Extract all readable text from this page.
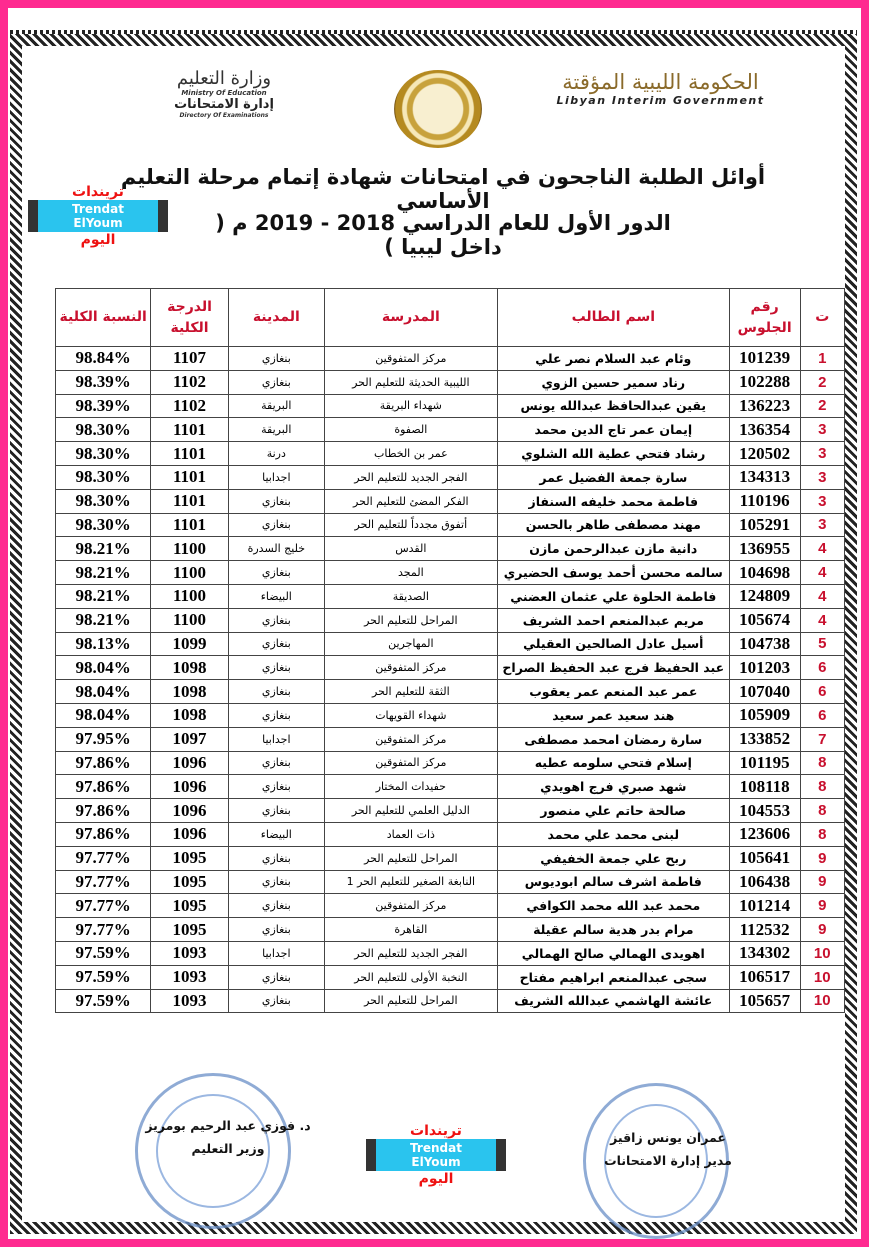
وزارة التعليم
Ministry Of Education
إدارة الامتحانات
Directory Of Examinations
الحكومة الليبية المؤقتة
Libyan Interim Government
أوائل الطلبة الناجحون في امتحانات شهادة إتمام مرحلة التعليم الأساسي
الدور الأول للعام الدراسي 2018 - 2019 م ( داخل ليبيا )
تريندات
Trendat ElYoum
اليوم
ت	رقم الجلوس	اسم الطالب	المدرسة	المدينة	الدرجة الكلية	النسبة الكلية
1	101239	وئام عبد السلام نصر علي	مركز المتفوقين	بنغازي	1107	98.84%
2	102288	رناد سمير حسين الزوي	الليبية الحديثة للتعليم الحر	بنغازي	1102	98.39%
2	136223	يقين عبدالحافظ عبدالله يونس	شهداء البريقة	البريقة	1102	98.39%
3	136354	إيمان عمر تاج الدين محمد	الصفوة	البريقة	1101	98.30%
3	120502	رشاد فتحي عطية الله الشلوي	عمر بن الخطاب	درنة	1101	98.30%
3	134313	سارة جمعة الفضيل عمر	الفجر الجديد للتعليم الحر	اجدابيا	1101	98.30%
3	110196	فاطمة محمد خليفه السنفاز	الفكر المضئ للتعليم الحر	بنغازي	1101	98.30%
3	105291	مهند مصطفى طاهر بالحسن	أتفوق مجدداً للتعليم الحر	بنغازي	1101	98.30%
4	136955	دانية مازن عبدالرحمن مازن	القدس	خليج السدرة	1100	98.21%
4	104698	سالمه محسن أحمد يوسف الحضيري	المجد	بنغازي	1100	98.21%
4	124809	فاطمة الحلوة علي عثمان العضني	الصديقة	البيضاء	1100	98.21%
4	105674	مريم عبدالمنعم احمد الشريف	المراحل للتعليم الحر	بنغازي	1100	98.21%
5	104738	أسيل عادل الصالحين العقيلي	المهاجرين	بنغازي	1099	98.13%
6	101203	عبد الحفيظ فرج عبد الحفيظ الصراح	مركز المتفوقين	بنغازي	1098	98.04%
6	107040	عمر عبد المنعم عمر يعقوب	الثقة للتعليم الحر	بنغازي	1098	98.04%
6	105909	هند سعيد عمر سعيد	شهداء القويهات	بنغازي	1098	98.04%
7	133852	سارة رمضان امحمد مصطفى	مركز المتفوقين	اجدابيا	1097	97.95%
8	101195	إسلام فتحي سلومه عطيه	مركز المتفوقين	بنغازي	1096	97.86%
8	108118	شهد صبري فرج اهويدي	حفيدات المختار	بنغازي	1096	97.86%
8	104553	صالحة حاتم علي منصور	الدليل العلمي للتعليم الحر	بنغازي	1096	97.86%
8	123606	لبنى محمد علي محمد	ذات العماد	البيضاء	1096	97.86%
9	105641	ربح علي جمعة الخفيفي	المراحل للتعليم الحر	بنغازي	1095	97.77%
9	106438	فاطمة اشرف سالم ابوديوس	النابغة الصغير للتعليم الحر 1	بنغازي	1095	97.77%
9	101214	محمد عبد الله محمد الكوافي	مركز المتفوقين	بنغازي	1095	97.77%
9	112532	مرام بدر هدية سالم عقيلة	القاهرة	بنغازي	1095	97.77%
10	134302	اهويدى الهمالي صالح الهمالي	الفجر الجديد للتعليم الحر	اجدابيا	1093	97.59%
10	106517	سجى عبدالمنعم ابراهيم مفتاح	النخبة الأولى للتعليم الحر	بنغازي	1093	97.59%
10	105657	عائشة الهاشمي عبدالله الشريف	المراحل للتعليم الحر	بنغازي	1093	97.59%
د. فوزي عبد الرحيم بومريز
وزير التعليم
عمران يونس زاقيز
مدير إدارة الامتحانات
تريندات
Trendat ElYoum
اليوم
